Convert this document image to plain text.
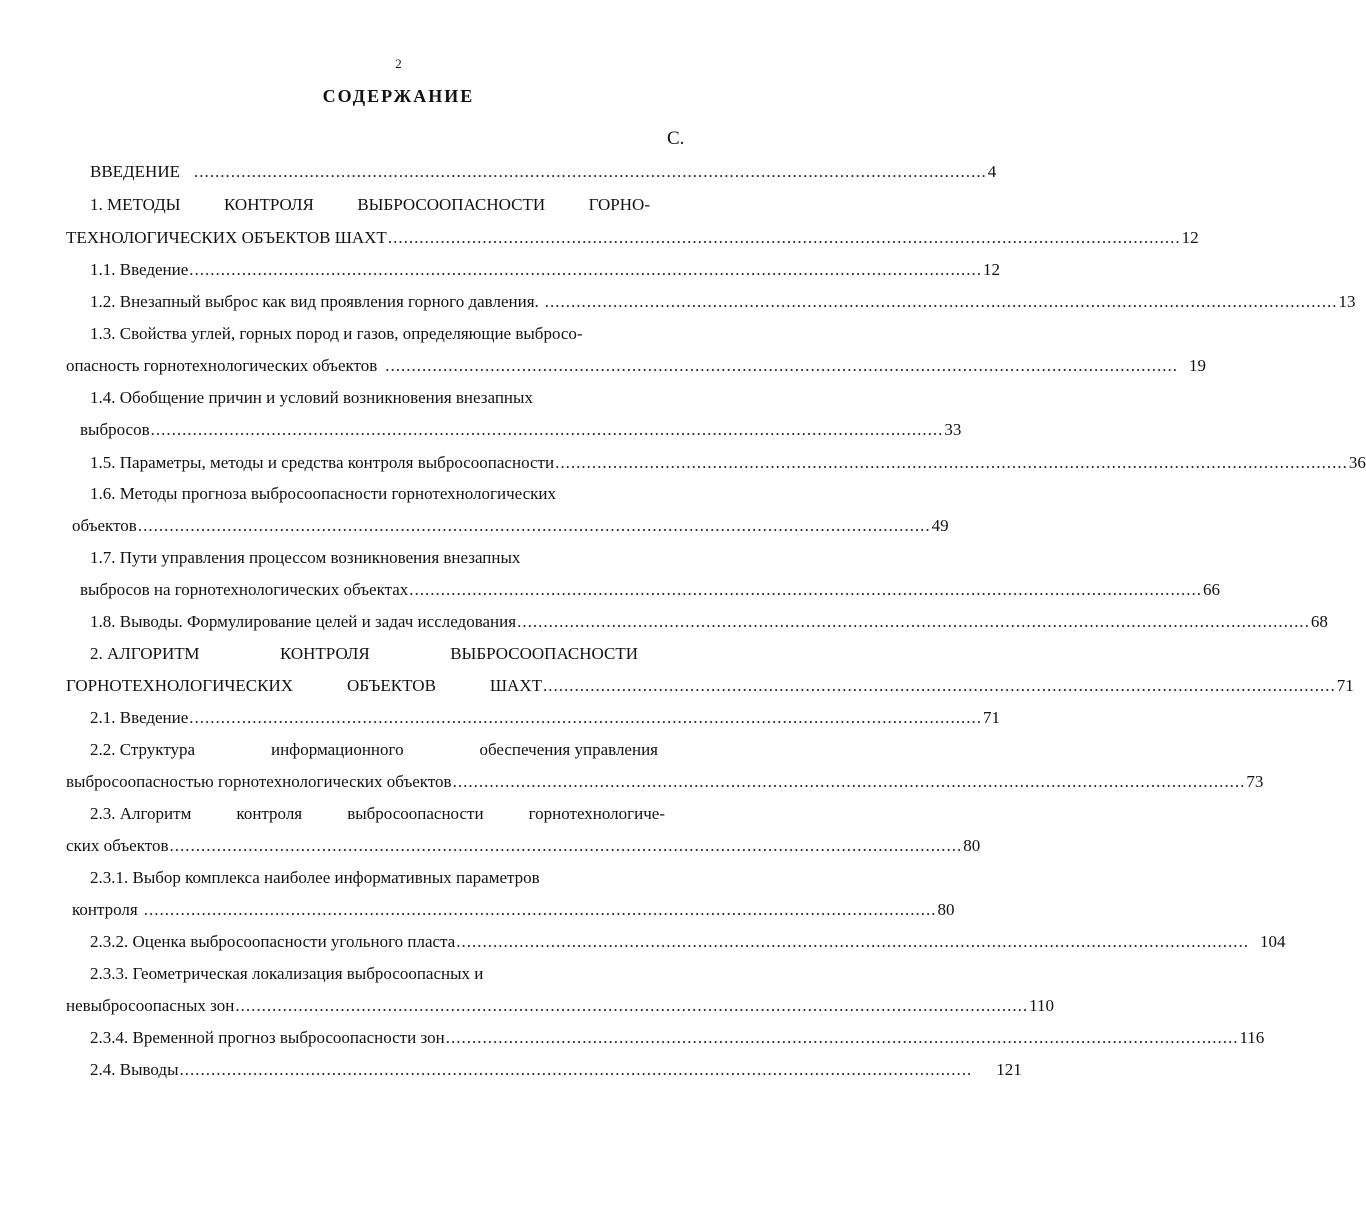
2
СОДЕРЖАНИЕ
С.
ВВЕДЕНИЕ ....................................................................................................................................................... 4
1. МЕТОДЫ	КОНТРОЛЯ	ВЫБРОСООПАСНОСТИ	ГОРНО-
ТЕХНОЛОГИЧЕСКИХ ОБЪЕКТОВ ШАХТ ....................................................................................................................................................... 12
1.1. Введение ....................................................................................................................................................... 12
1.2. Внезапный выброс как вид проявления горного давления. ....................................................................................................................................................... 13
1.3. Свойства углей, горных пород и газов, определяющие выбросо-
опасность горнотехнологических объектов ....................................................................................................................................................... 19
1.4. Обобщение причин и условий возникновения внезапных
выбросов ....................................................................................................................................................... 33
1.5. Параметры, методы и средства контроля выбросоопасности ....................................................................................................................................................... 36
1.6. Методы прогноза выбросоопасности горнотехнологических
объектов ....................................................................................................................................................... 49
1.7. Пути управления процессом возникновения внезапных
выбросов на горнотехнологических объектах ....................................................................................................................................................... 66
1.8. Выводы. Формулирование целей и задач исследования ....................................................................................................................................................... 68
2. АЛГОРИТМ	КОНТРОЛЯ	ВЫБРОСООПАСНОСТИ
ГОРНОТЕХНОЛОГИЧЕСКИХ	ОБЪЕКТОВ	ШАХТ ....................................................................................................................................................... 71
2.1. Введение ....................................................................................................................................................... 71
2.2. Структура	информационного	обеспечения управления
выбросоопасностью горнотехнологических объектов ....................................................................................................................................................... 73
2.3. Алгоритм	контроля	выбросоопасности	горнотехнологиче-
ских объектов ....................................................................................................................................................... 80
2.3.1. Выбор комплекса наиболее информативных параметров
контроля ....................................................................................................................................................... 80
2.3.2. Оценка выбросоопасности угольного пласта ....................................................................................................................................................... 104
2.3.3. Геометрическая локализация выбросоопасных и
невыбросоопасных зон ....................................................................................................................................................... 110
2.3.4. Временной прогноз выбросоопасности зон ....................................................................................................................................................... 116
2.4. Выводы ....................................................................................................................................................... 121
